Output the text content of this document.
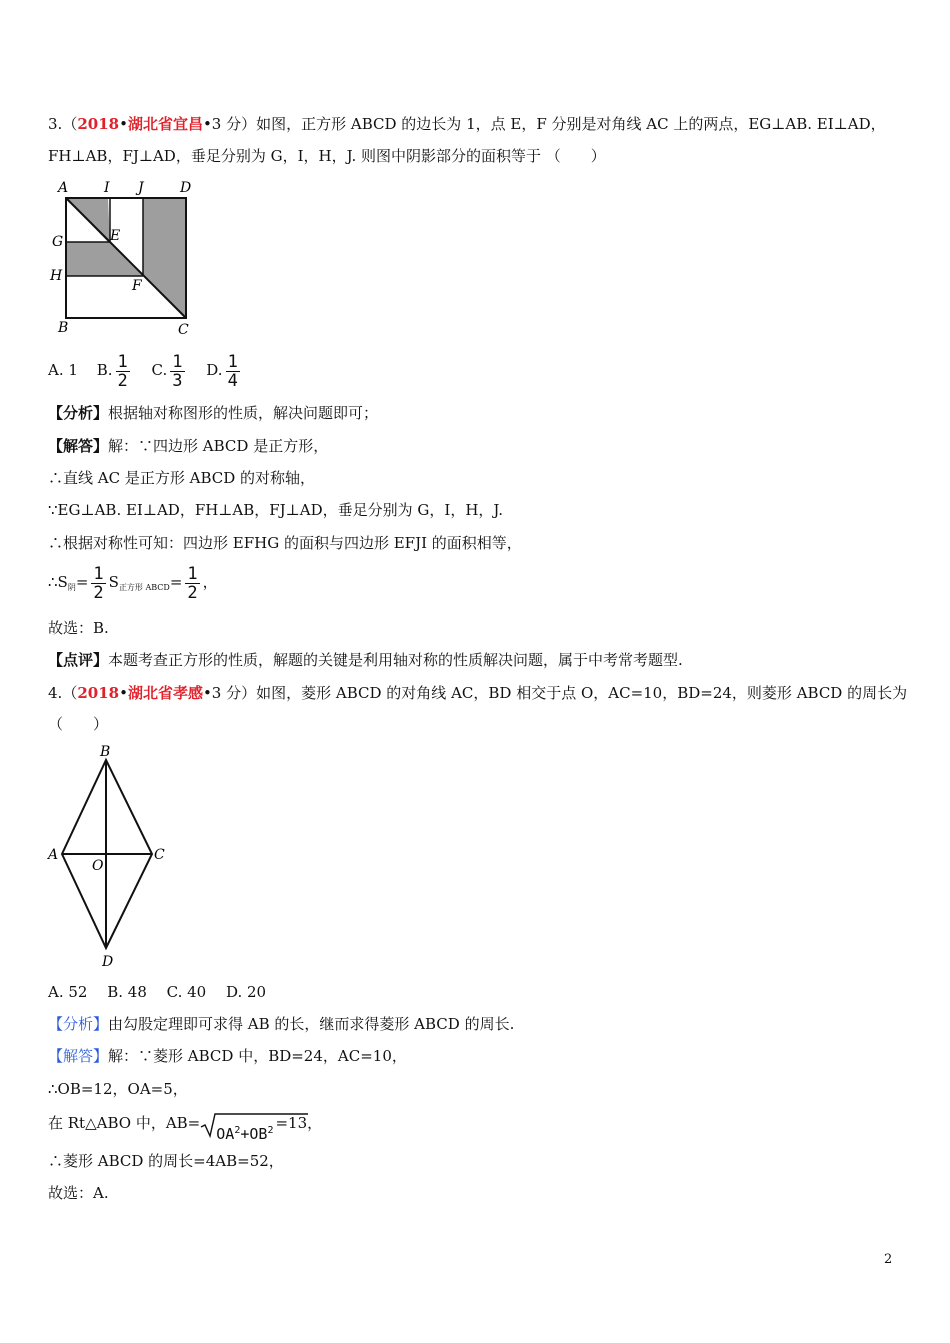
3.（2018•湖北省宜昌•3 分）如图，正方形 ABCD 的边长为 1，点 E，F 分别是对角线 AC 上的两点，EG⊥AB. EI⊥AD，
FH⊥AB，FJ⊥AD，垂足分别为 G，I，H，J. 则图中阴影部分的面积等于 （　　）
A	I J	D
G	E
H
F
B	C
A. 1 B. $\frac{1}{2} C$. $\frac{1}{3} D$. $\frac{1}{4}$
【分析】根据轴对称图形的性质，解决问题即可；
【解答】解：∵四边形 ABCD 是正方形，
∴直线 AC 是正方形 ABCD 的对称轴，
∵EG⊥AB. EI⊥AD，FH⊥AB，FJ⊥AD，垂足分别为 G，I，H，J.
∴根据对称性可知：四边形 EFHG 的面积与四边形 EFJI 的面积相等，
$\therefore S_阴= \frac{1}{2} S_{正方形 ABCD}= \frac{1}{2}$ ，
故选：B.
【点评】本题考查正方形的性质，解题的关键是利用轴对称的性质解决问题，属于中考常考题型.
4.（2018•湖北省孝感•3 分）如图，菱形 ABCD 的对角线 AC，BD 相交于点 O，AC=10，BD=24，则菱形 ABCD 的周长为
（　　）
B
A	C
O
D
A. 52　 B. 48　 C. 40　 D. 20
【分析】由勾股定理即可求得 AB 的长，继而求得菱形 ABCD 的周长.
【解答】解：∵菱形 ABCD 中，BD=24，AC=10，
∴OB=12，OA=5，
在 Rt△ABO 中，AB=
$OA^2+OB^2 =13$，
∴菱形 ABCD 的周长=4AB=52，
故选：A.
2
